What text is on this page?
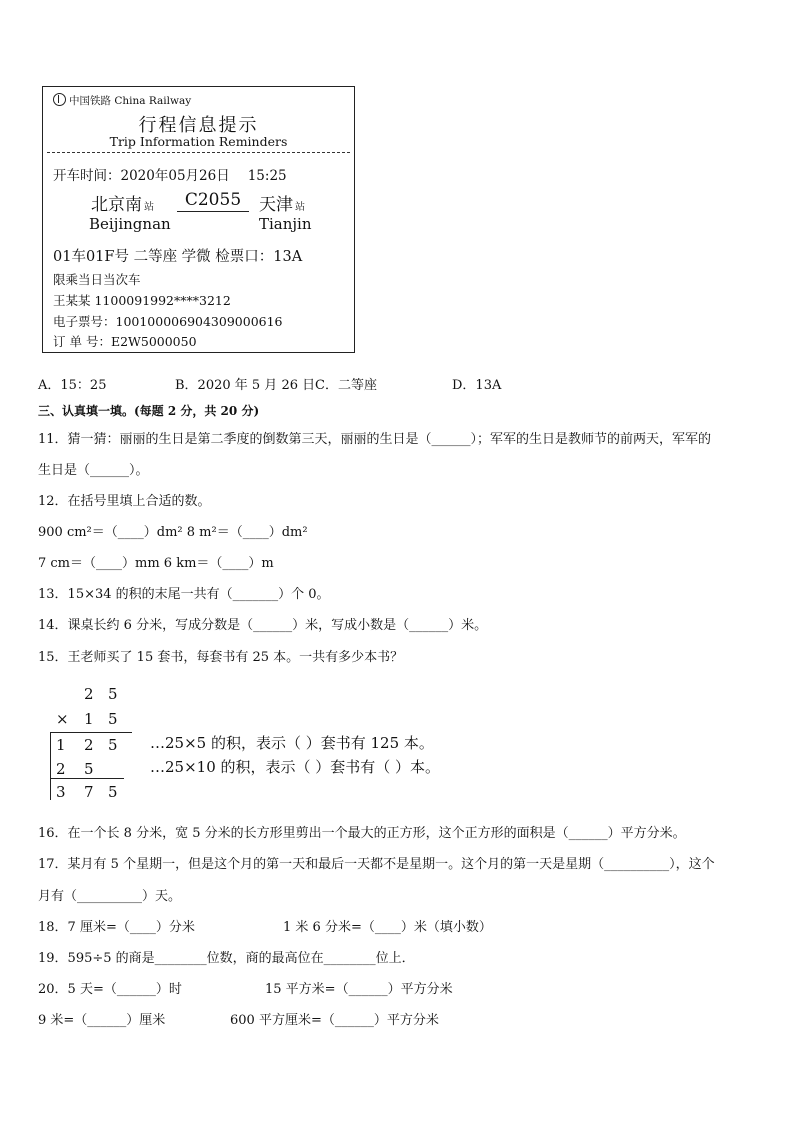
中国铁路 China Railway
行程信息提示
Trip Information Reminders
开车时间：2020年05月26日 15:25
北京南 站	C2055	天津 站
Beijingnan	Tianjin
01车01F号 二等座 学微 检票口：13A
限乘当日当次车
王某某 1100091992****3212
电子票号：10010000690430900061​6
订 单 号：E2W5000050
A．15：25	B．2020 年 5 月 26 日 C．二等座	D．13A
三、认真填一填。(每题 2 分，共 20 分)
11．猜一猜：丽丽的生日是第二季度的倒数第三天，丽丽的生日是（______）；军军的生日是教师节的前两天，军军的
生日是（______）。
12．在括号里填上合适的数。
900 cm²＝（____）dm² 8 m²＝（____）dm²
7 cm＝（____）mm 6 km＝（____）m
13．15×34 的积的末尾一共有（_______）个 0。
14．课桌长约 6 分米，写成分数是（______）米，写成小数是（______）米。
15．王老师买了 15 套书，每套书有 25 本。一共有多少本书？
2 5
× 1 5
1 2 5
2 5
3 7 5
…25×5 的积，表示（ ）套书有 125 本。
…25×10 的积，表示（ ）套书有（ ）本。
16．在一个长 8 分米，宽 5 分米的长方形里剪出一个最大的正方形，这个正方形的面积是（______）平方分米。
17．某月有 5 个星期一，但是这个月的第一天和最后一天都不是星期一。这个月的第一天是星期（__________），这个
月有（__________）天。
18．7 厘米=（____）分米	1 米 6 分米=（____）米（填小数）
19．595÷5 的商是________位数，商的最高位在________位上．
20．5 天=（______）时	15 平方米=（______）平方分米
9 米=（______）厘米	600 平方厘米=（______）平方分米
